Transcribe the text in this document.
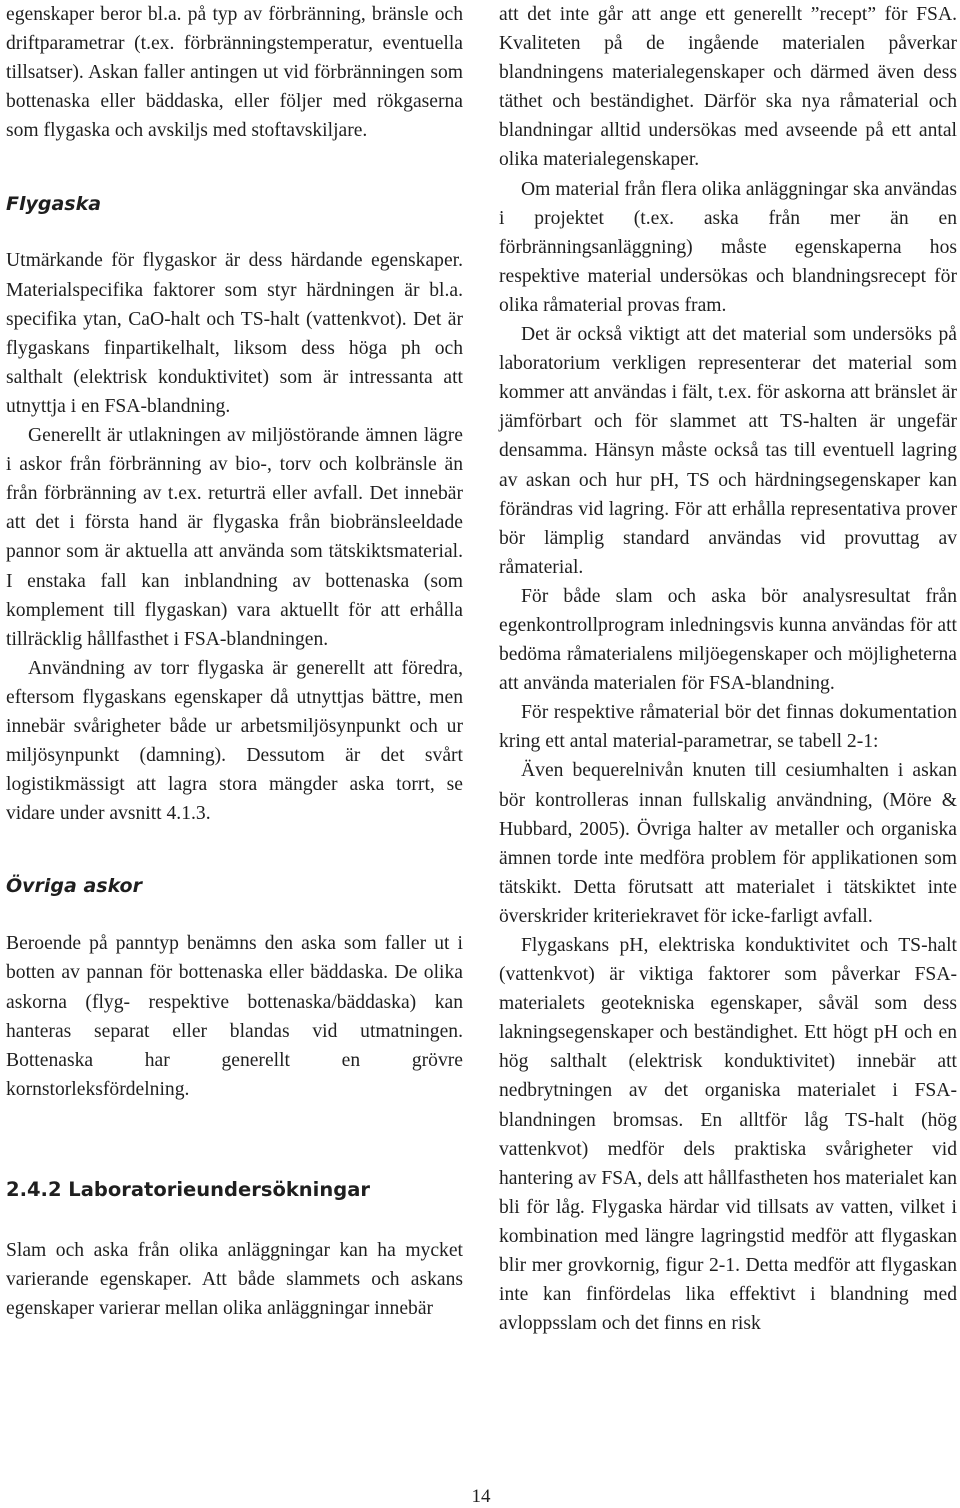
egenskaper beror bl.a. på typ av förbränning, bränsle och driftparametrar (t.ex. förbränningstemperatur, eventuella tillsatser). Askan faller antingen ut vid förbränningen som bottenaska eller bäddaska, eller följer med rökgaserna som flygaska och avskiljs med stoftavskiljare.

Flygaska

Utmärkande för flygaskor är dess härdande egenskaper. Materialspecifika faktorer som styr härdningen är bl.a. specifika ytan, CaO-halt och TS-halt (vattenkvot). Det är flygaskans finpartikelhalt, liksom dess höga ph och salthalt (elektrisk konduktivitet) som är intressanta att utnyttja i en FSA-blandning.

Generellt är utlakningen av miljöstörande ämnen lägre i askor från förbränning av bio-, torv och kolbränsle än från förbränning av t.ex. returträ eller avfall. Det innebär att det i första hand är flygaska från biobränsleeldade pannor som är aktuella att använda som tätskiktsmaterial. I enstaka fall kan inblandning av bottenaska (som komplement till flygaskan) vara aktuellt för att erhålla tillräcklig hållfasthet i FSA-blandningen.

Användning av torr flygaska är generellt att föredra, eftersom flygaskans egenskaper då utnyttjas bättre, men innebär svårigheter både ur arbetsmiljösynpunkt och ur miljösynpunkt (damning). Dessutom är det svårt logistikmässigt att lagra stora mängder aska torrt, se vidare under avsnitt 4.1.3.

Övriga askor

Beroende på panntyp benämns den aska som faller ut i botten av pannan för bottenaska eller bäddaska. De olika askorna (flyg- respektive bottenaska/bäddaska) kan hanteras separat eller blandas vid utmatningen. Bottenaska har generellt en grövre kornstorleksfördelning.

2.4.2 Laboratorieundersökningar

Slam och aska från olika anläggningar kan ha mycket varierande egenskaper. Att både slammets och askans egenskaper varierar mellan olika anläggningar innebär

att det inte går att ange ett generellt ”recept” för FSA. Kvaliteten på de ingående materialen påverkar blandningens materialegenskaper och därmed även dess täthet och beständighet. Därför ska nya råmaterial och blandningar alltid undersökas med avseende på ett antal olika materialegenskaper.

Om material från flera olika anläggningar ska användas i projektet (t.ex. aska från mer än en förbränningsanläggning) måste egenskaperna hos respektive material undersökas och blandningsrecept för olika råmaterial provas fram.

Det är också viktigt att det material som undersöks på laboratorium verkligen representerar det material som kommer att användas i fält, t.ex. för askorna att bränslet är jämförbart och för slammet att TS-halten är ungefär densamma. Hänsyn måste också tas till eventuell lagring av askan och hur pH, TS och härdningsegenskaper kan förändras vid lagring. För att erhålla representativa prover bör lämplig standard användas vid provuttag av råmaterial.

För både slam och aska bör analysresultat från egenkontrollprogram inledningsvis kunna användas för att bedöma råmaterialens miljöegenskaper och möjligheterna att använda materialen för FSA-blandning.

För respektive råmaterial bör det finnas dokumentation kring ett antal material-parametrar, se tabell 2-1:

Även bequerelnivån knuten till cesiumhalten i askan bör kontrolleras innan fullskalig användning, (Möre & Hubbard, 2005). Övriga halter av metaller och organiska ämnen torde inte medföra problem för applikationen som tätskikt. Detta förutsatt att materialet i tätskiktet inte överskrider kriteriekravet för icke-farligt avfall.

Flygaskans pH, elektriska konduktivitet och TS-halt (vattenkvot) är viktiga faktorer som påverkar FSA-materialets geotekniska egenskaper, såväl som dess lakningsegenskaper och beständighet. Ett högt pH och en hög salthalt (elektrisk konduktivitet) innebär att nedbrytningen av det organiska materialet i FSA-blandningen bromsas. En alltför låg TS-halt (hög vattenkvot) medför dels praktiska svårigheter vid hantering av FSA, dels att hållfastheten hos materialet kan bli för låg. Flygaska härdar vid tillsats av vatten, vilket i kombination med längre lagringstid medför att flygaskan blir mer grovkornig, figur 2-1. Detta medför att flygaskan inte kan finfördelas lika effektivt i blandning med avloppsslam och det finns en risk

14
